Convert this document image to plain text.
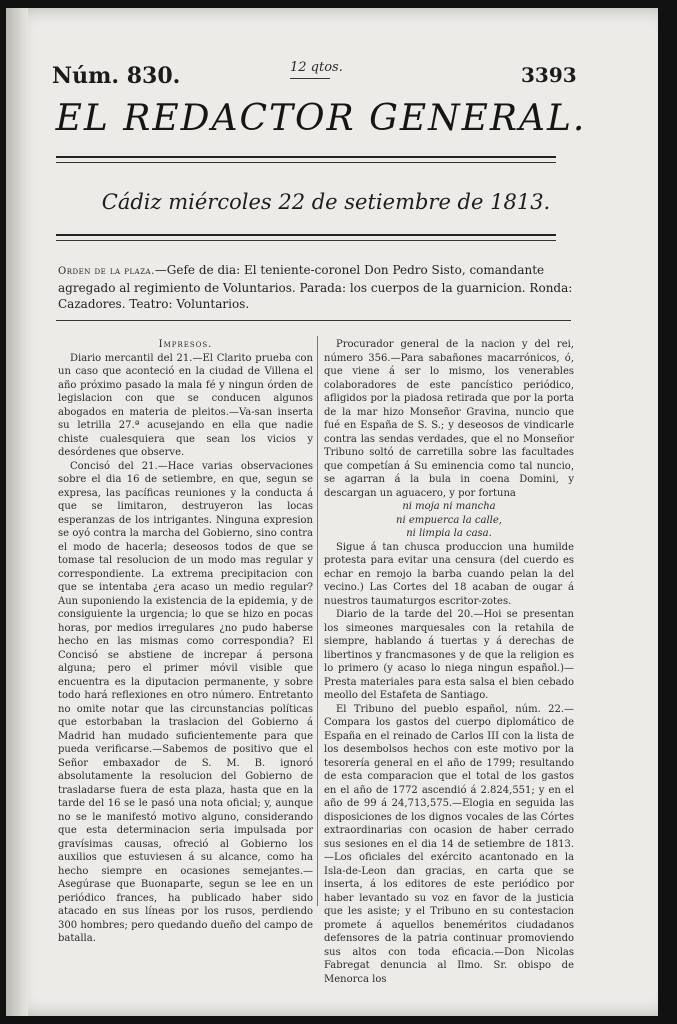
Núm. 830.	12 qtos.	3393
EL REDACTOR GENERAL.
Cádiz miércoles 22 de setiembre de 1813.
Orden de la plaza.—Gefe de dia: El teniente-coronel Don Pedro Sisto, comandante agregado al regimiento de Voluntarios. Parada: los cuerpos de la guarnicion. Ronda: Cazadores. Teatro: Voluntarios.

Impresos.

Diario mercantil del 21.—El Clarito prueba con un caso que aconteció en la ciudad de Villena el año próximo pasado la mala fé y ningun órden de legislacion con que se conducen algunos abogados en materia de pleitos.—Va-san inserta su letrilla 27.ª acusejando en ella que nadie chiste cualesquiera que sean los vicios y desórdenes que observe.

Concisó del 21.—Hace varias observaciones sobre el dia 16 de setiembre, en que, segun se expresa, las pacíficas reuniones y la conducta á que se limitaron, destruyeron las locas esperanzas de los intrigantes. Ninguna expresion se oyó contra la marcha del Gobierno, sino contra el modo de hacerla; deseosos todos de que se tomase tal resolucion de un modo mas regular y correspondiente. La extrema precipitacion con que se intentaba ¿era acaso un medio regular? Aun suponiendo la existencia de la epidemia, y de consiguiente la urgencia; lo que se hizo en pocas horas, por medios irregulares ¿no pudo haberse hecho en las mismas como correspondia? El Concisó se abstiene de increpar á persona alguna; pero el primer móvil visible que encuentra es la diputacion permanente, y sobre todo hará reflexiones en otro número. Entretanto no omite notar que las circunstancias políticas que estorbaban la traslacion del Gobierno á Madrid han mudado suficientemente para que pueda verificarse.—Sabemos de positivo que el Señor embaxador de S. M. B. ignoró absolutamente la resolucion del Gobierno de trasladarse fuera de esta plaza, hasta que en la tarde del 16 se le pasó una nota oficial; y, aunque no se le manifestó motivo alguno, considerando que esta determinacion seria impulsada por gravísimas causas, ofreció al Gobierno los auxilios que estuviesen á su alcance, como ha hecho siempre en ocasiones semejantes.—Asegúrase que Buonaparte, segun se lee en un periódico frances, ha publicado haber sido atacado en sus líneas por los rusos, perdiendo 300 hombres; pero quedando dueño del campo de batalla.

Procurador general de la nacion y del rei, número 356.—Para sabañones macarrónicos, ó, que viene á ser lo mismo, los venerables colaboradores de este pancístico periódico, afligidos por la piadosa retirada que por la porta de la mar hizo Monseñor Gravina, nuncio que fué en España de S. S.; y deseosos de vindicarle contra las sendas verdades, que el no Monseñor Tribuno soltó de carretilla sobre las facultades que competían á Su eminencia como tal nuncio, se agarran á la bula in coena Domini, y descargan un aguacero, y por fortuna

ni moja ni mancha

ni empuerca la calle,

ni limpia la casa.

Sigue á tan chusca produccion una humilde protesta para evitar una censura (del cuerdo es echar en remojo la barba cuando pelan la del vecino.) Las Cortes del 18 acaban de ougar á nuestros taumaturgos escritor-zotes.

Diario de la tarde del 20.—Hoi se presentan los simeones marquesales con la retahila de siempre, hablando á tuertas y á derechas de libertinos y francmasones y de que la religion es lo primero (y acaso lo niega ningun español.)—Presta materiales para esta salsa el bien cebado meollo del Estafeta de Santiago.

El Tribuno del pueblo español, núm. 22.—Compara los gastos del cuerpo diplomático de España en el reinado de Carlos III con la lista de los desembolsos hechos con este motivo por la tesorería general en el año de 1799; resultando de esta comparacion que el total de los gastos en el año de 1772 ascendió á 2.824,551; y en el año de 99 á 24,713,575.—Elogia en seguida las disposiciones de los dignos vocales de las Córtes extraordinarias con ocasion de haber cerrado sus sesiones en el dia 14 de setiembre de 1813.—Los oficiales del exército acantonado en la Isla-de-Leon dan gracias, en carta que se inserta, á los editores de este periódico por haber levantado su voz en favor de la justicia que les asiste; y el Tribuno en su contestacion promete á aquellos beneméritos ciudadanos defensores de la patria continuar promoviendo sus altos con toda eficacia.—Don Nicolas Fabregat denuncia al Ilmo. Sr. obispo de Menorca los
